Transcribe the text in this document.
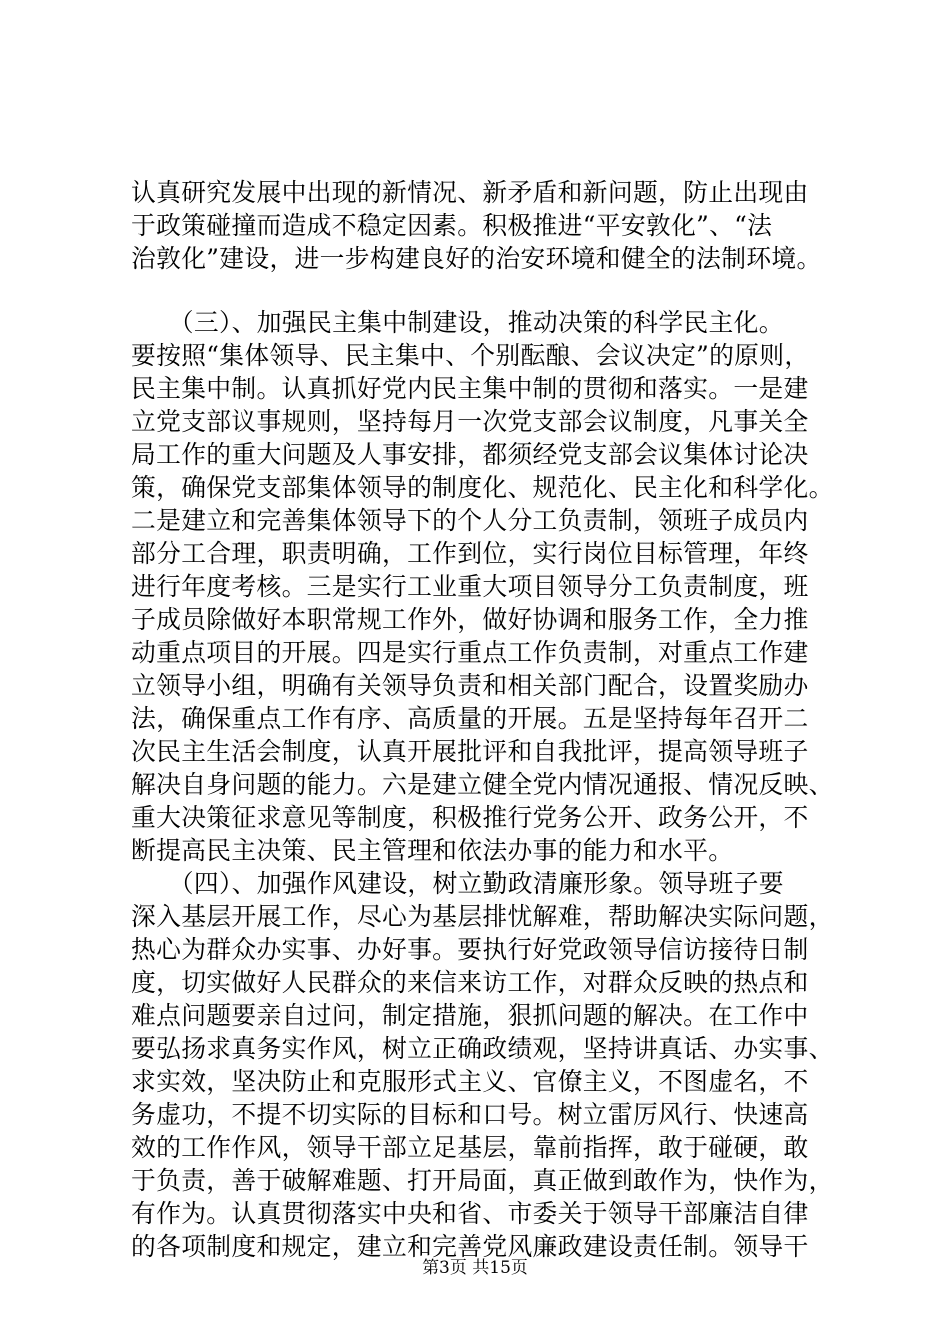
认真研究发展中出现的新情况、新矛盾和新问题，防止出现由
于政策碰撞而造成不稳定因素。积极推进“平安敦化”、“法
治敦化”建设，进一步构建良好的治安环境和健全的法制环境。
　　（三）、加强民主集中制建设，推动决策的科学民主化。
要按照“集体领导、民主集中、个别酝酿、会议决定”的原则，
民主集中制。认真抓好党内民主集中制的贯彻和落实。一是建
立党支部议事规则，坚持每月一次党支部会议制度，凡事关全
局工作的重大问题及人事安排，都须经党支部会议集体讨论决
策，确保党支部集体领导的制度化、规范化、民主化和科学化。
二是建立和完善集体领导下的个人分工负责制，领班子成员内
部分工合理，职责明确，工作到位，实行岗位目标管理，年终
进行年度考核。三是实行工业重大项目领导分工负责制度，班
子成员除做好本职常规工作外，做好协调和服务工作，全力推
动重点项目的开展。四是实行重点工作负责制，对重点工作建
立领导小组，明确有关领导负责和相关部门配合，设置奖励办
法，确保重点工作有序、高质量的开展。五是坚持每年召开二
次民主生活会制度，认真开展批评和自我批评，提高领导班子
解决自身问题的能力。六是建立健全党内情况通报、情况反映、
重大决策征求意见等制度，积极推行党务公开、政务公开，不
断提高民主决策、民主管理和依法办事的能力和水平。
　　（四）、加强作风建设，树立勤政清廉形象。领导班子要
深入基层开展工作，尽心为基层排忧解难，帮助解决实际问题，
热心为群众办实事、办好事。要执行好党政领导信访接待日制
度，切实做好人民群众的来信来访工作，对群众反映的热点和
难点问题要亲自过问，制定措施，狠抓问题的解决。在工作中
要弘扬求真务实作风，树立正确政绩观，坚持讲真话、办实事、
求实效，坚决防止和克服形式主义、官僚主义，不图虚名，不
务虚功，不提不切实际的目标和口号。树立雷厉风行、快速高
效的工作作风，领导干部立足基层，靠前指挥，敢于碰硬，敢
于负责，善于破解难题、打开局面，真正做到敢作为，快作为，
有作为。认真贯彻落实中央和省、市委关于领导干部廉洁自律
的各项制度和规定，建立和完善党风廉政建设责任制。领导干
第3页 共15页
